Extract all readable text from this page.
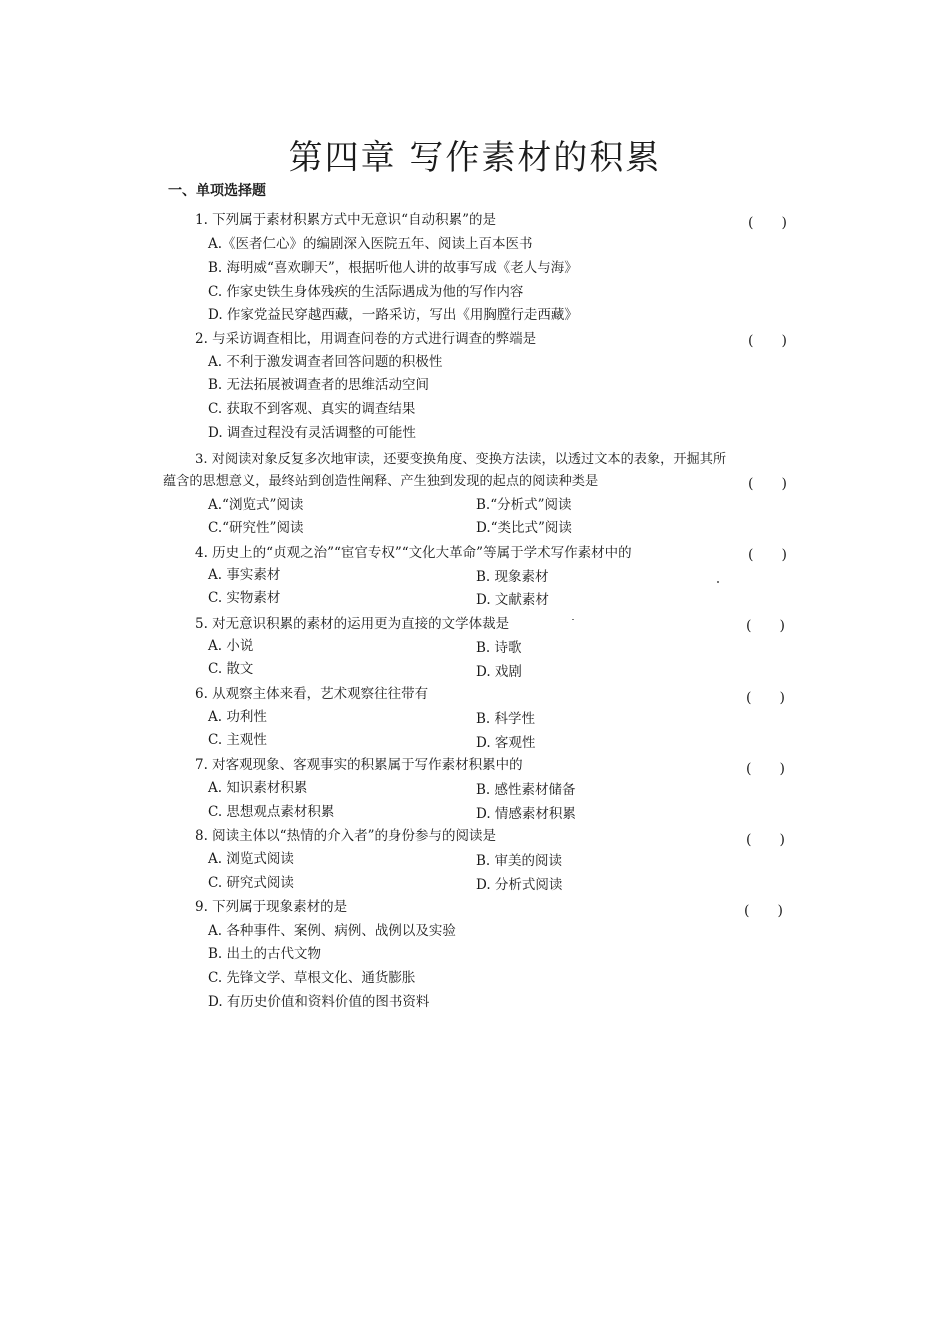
第四章 写作素材的积累
一、单项选择题
1. 下列属于素材积累方式中无意识“自动积累”的是	(　　)
A.《医者仁心》的编剧深入医院五年、阅读上百本医书
B. 海明威“喜欢聊天”，根据听他人讲的故事写成《老人与海》
C. 作家史铁生身体残疾的生活际遇成为他的写作内容
D. 作家党益民穿越西藏，一路采访，写出《用胸膛行走西藏》
2. 与采访调查相比，用调查问卷的方式进行调查的弊端是	(　　)
A. 不利于激发调查者回答问题的积极性
B. 无法拓展被调查者的思维活动空间
C. 获取不到客观、真实的调查结果
D. 调查过程没有灵活调整的可能性
3. 对阅读对象反复多次地审读，还要变换角度、变换方法读，以透过文本的表象，开掘其所
蕴含的思想意义，最终站到创造性阐释、产生独到发现的起点的阅读种类是	(　　)
A.“浏览式”阅读	B.“分析式”阅读
C.“研究性”阅读	D.“类比式”阅读
4. 历史上的“贞观之治”“宦官专权”“文化大革命”等属于学术写作素材中的	(　　)
A. 事实素材	B. 现象素材
C. 实物素材	D. 文献素材
5. 对无意识积累的素材的运用更为直接的文学体裁是	(　　)
A. 小说	B. 诗歌
C. 散文	D. 戏剧
6. 从观察主体来看，艺术观察往往带有	(　　)
A. 功利性	B. 科学性
C. 主观性	D. 客观性
7. 对客观现象、客观事实的积累属于写作素材积累中的	(　　)
A. 知识素材积累	B. 感性素材储备
C. 思想观点素材积累	D. 情感素材积累
8. 阅读主体以“热情的介入者”的身份参与的阅读是	(　　)
A. 浏览式阅读	B. 审美的阅读
C. 研究式阅读	D. 分析式阅读
9. 下列属于现象素材的是	(　　)
A. 各种事件、案例、病例、战例以及实验
B. 出土的古代文物
C. 先锋文学、草根文化、通货膨胀
D. 有历史价值和资料价值的图书资料
